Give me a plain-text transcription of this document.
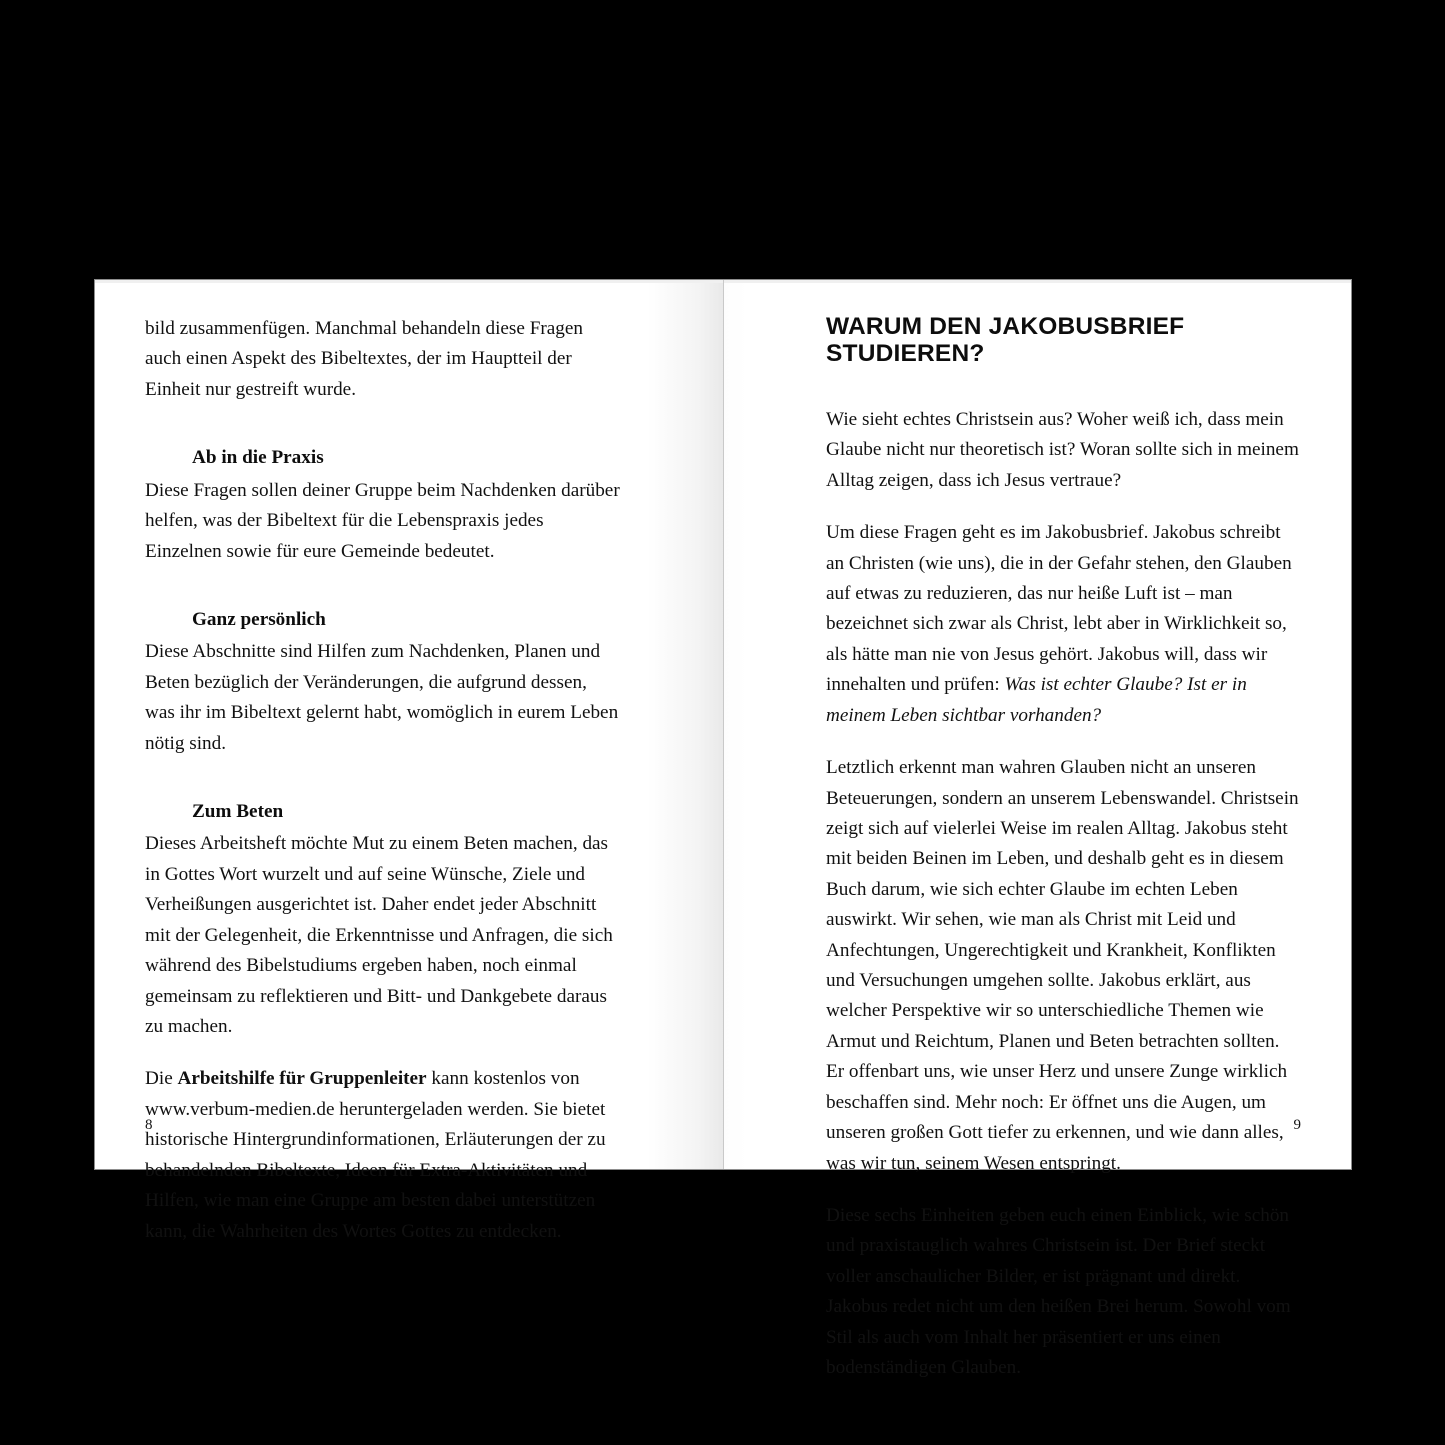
bild zusammenfügen. Manchmal behandeln diese Fragen auch einen Aspekt des Bibeltextes, der im Hauptteil der Einheit nur gestreift wurde.

Ab in die Praxis

Diese Fragen sollen deiner Gruppe beim Nachdenken darüber helfen, was der Bibeltext für die Lebenspraxis jedes Einzelnen sowie für eure Gemeinde bedeutet.

Ganz persönlich

Diese Abschnitte sind Hilfen zum Nachdenken, Planen und Beten bezüglich der Veränderungen, die aufgrund dessen, was ihr im Bibeltext gelernt habt, womöglich in eurem Leben nötig sind.

Zum Beten

Dieses Arbeitsheft möchte Mut zu einem Beten machen, das in Gottes Wort wurzelt und auf seine Wünsche, Ziele und Verheißungen ausgerichtet ist. Daher endet jeder Abschnitt mit der Gelegenheit, die Erkenntnisse und Anfragen, die sich während des Bibelstudiums ergeben haben, noch einmal gemeinsam zu reflektieren und Bitt- und Dankgebete daraus zu machen.

Die Arbeitshilfe für Gruppenleiter kann kostenlos von www.verbum-medien.de heruntergeladen werden. Sie bietet historische Hintergrundinformationen, Erläuterungen der zu behandelnden Bibeltexte, Ideen für Extra-Aktivitäten und Hilfen, wie man eine Gruppe am besten dabei unterstützen kann, die Wahrheiten des Wortes Gottes zu entdecken.

8
WARUM DEN JAKOBUSBRIEF STUDIEREN?

Wie sieht echtes Christsein aus? Woher weiß ich, dass mein Glaube nicht nur theoretisch ist? Woran sollte sich in meinem Alltag zeigen, dass ich Jesus vertraue?

Um diese Fragen geht es im Jakobusbrief. Jakobus schreibt an Christen (wie uns), die in der Gefahr stehen, den Glauben auf etwas zu reduzieren, das nur heiße Luft ist – man bezeichnet sich zwar als Christ, lebt aber in Wirklichkeit so, als hätte man nie von Jesus gehört. Jakobus will, dass wir innehalten und prüfen: Was ist echter Glaube? Ist er in meinem Leben sichtbar vorhanden?

Letztlich erkennt man wahren Glauben nicht an unseren Beteuerungen, sondern an unserem Lebenswandel. Christsein zeigt sich auf vielerlei Weise im realen Alltag. Jakobus steht mit beiden Beinen im Leben, und deshalb geht es in diesem Buch darum, wie sich echter Glaube im echten Leben auswirkt. Wir sehen, wie man als Christ mit Leid und Anfechtungen, Ungerechtigkeit und Krankheit, Konflikten und Versuchungen umgehen sollte. Jakobus erklärt, aus welcher Perspektive wir so unterschiedliche Themen wie Armut und Reichtum, Planen und Beten betrachten sollten. Er offenbart uns, wie unser Herz und unsere Zunge wirklich beschaffen sind. Mehr noch: Er öffnet uns die Augen, um unseren großen Gott tiefer zu erkennen, und wie dann alles, was wir tun, seinem Wesen entspringt.

Diese sechs Einheiten geben euch einen Einblick, wie schön und praxistauglich wahres Christsein ist. Der Brief steckt voller anschaulicher Bilder, er ist prägnant und direkt. Jakobus redet nicht um den heißen Brei herum. Sowohl vom Stil als auch vom Inhalt her präsentiert er uns einen bodenständigen Glauben.

9
